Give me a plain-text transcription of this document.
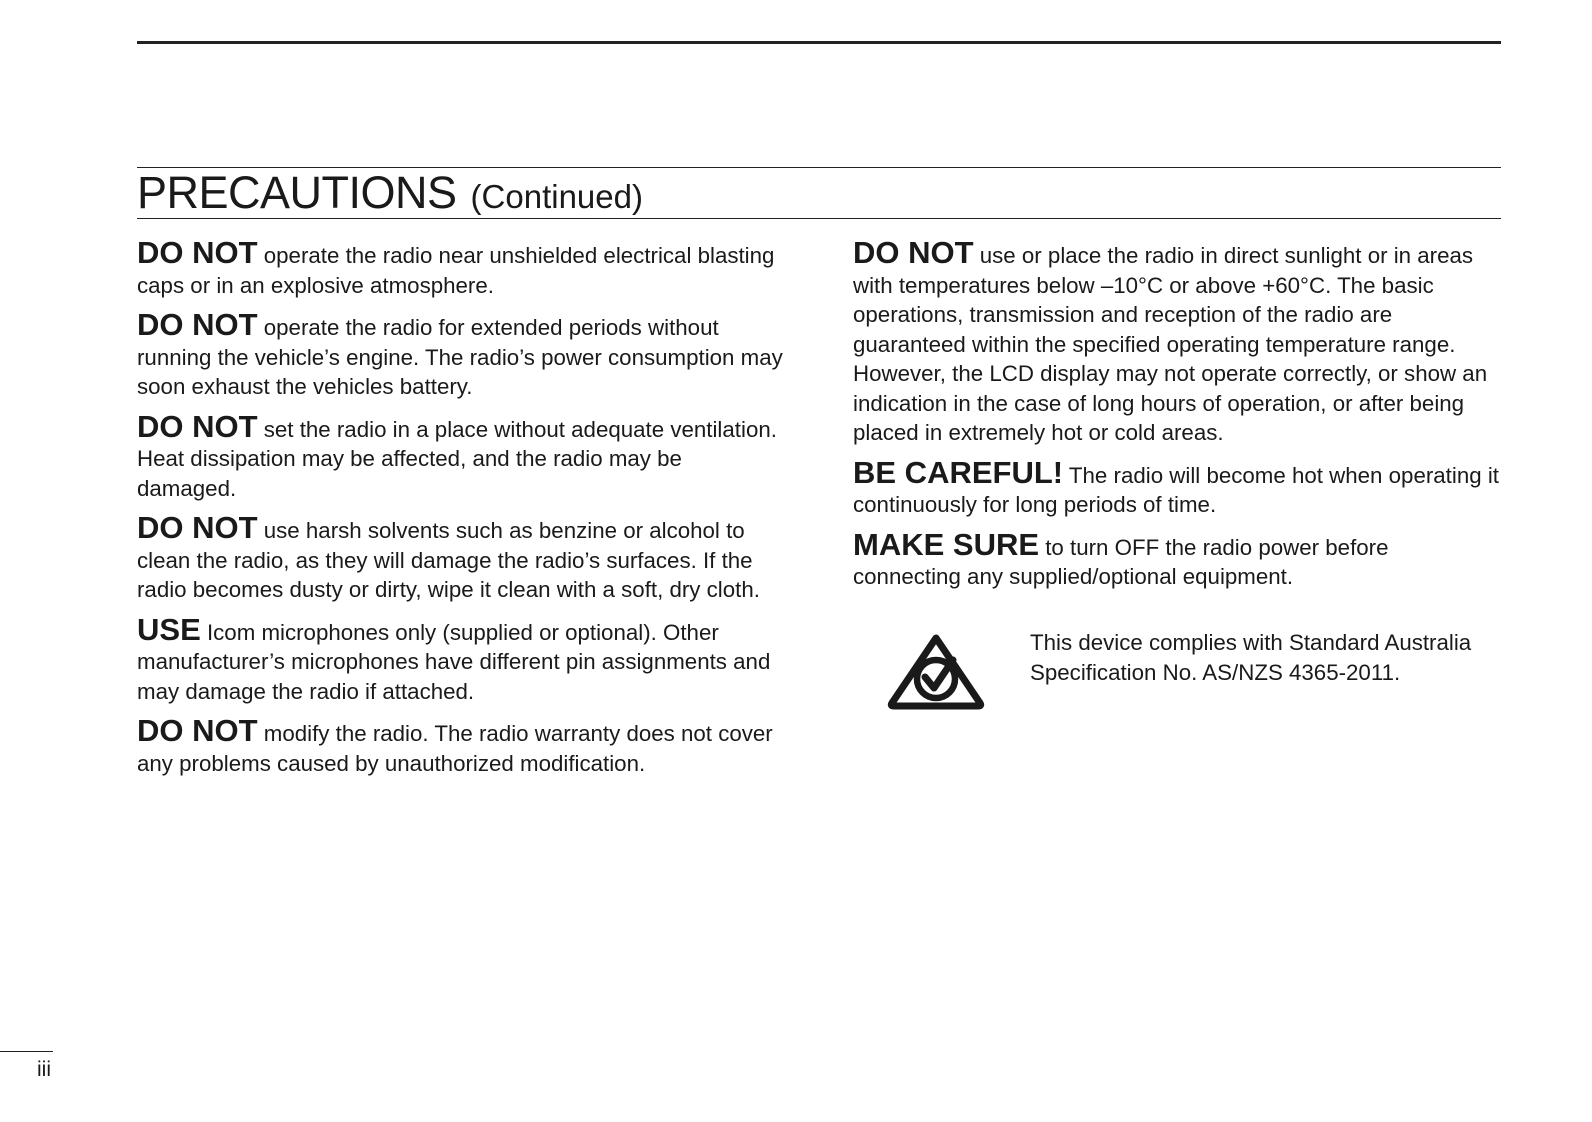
PRECAUTIONS (Continued)

DO NOT operate the radio near unshielded electrical blasting caps or in an explosive atmosphere.

DO NOT operate the radio for extended periods without running the vehicle’s engine. The radio’s power consumption may soon exhaust the vehicles battery.

DO NOT set the radio in a place without adequate ventilation. Heat dissipation may be affected, and the radio may be damaged.

DO NOT use harsh solvents such as benzine or alcohol to clean the radio, as they will damage the radio’s surfaces. If the radio becomes dusty or dirty, wipe it clean with a soft, dry cloth.

USE Icom microphones only (supplied or optional). Other manufacturer’s microphones have different pin assignments and may damage the radio if attached.

DO NOT modify the radio. The radio warranty does not cover any problems caused by unauthorized modification.

DO NOT use or place the radio in direct sunlight or in areas with temperatures below –10°C or above +60°C. The basic operations, transmission and reception of the radio are guaranteed within the specified operating temperature range. However, the LCD display may not operate correctly, or show an indication in the case of long hours of operation, or after being placed in extremely hot or cold areas.

BE CAREFUL! The radio will become hot when operating it continuously for long periods of time.

MAKE SURE to turn OFF the radio power before connecting any supplied/optional equipment.

This device complies with Standard Australia Specification No. AS/NZS 4365-2011.
iii
